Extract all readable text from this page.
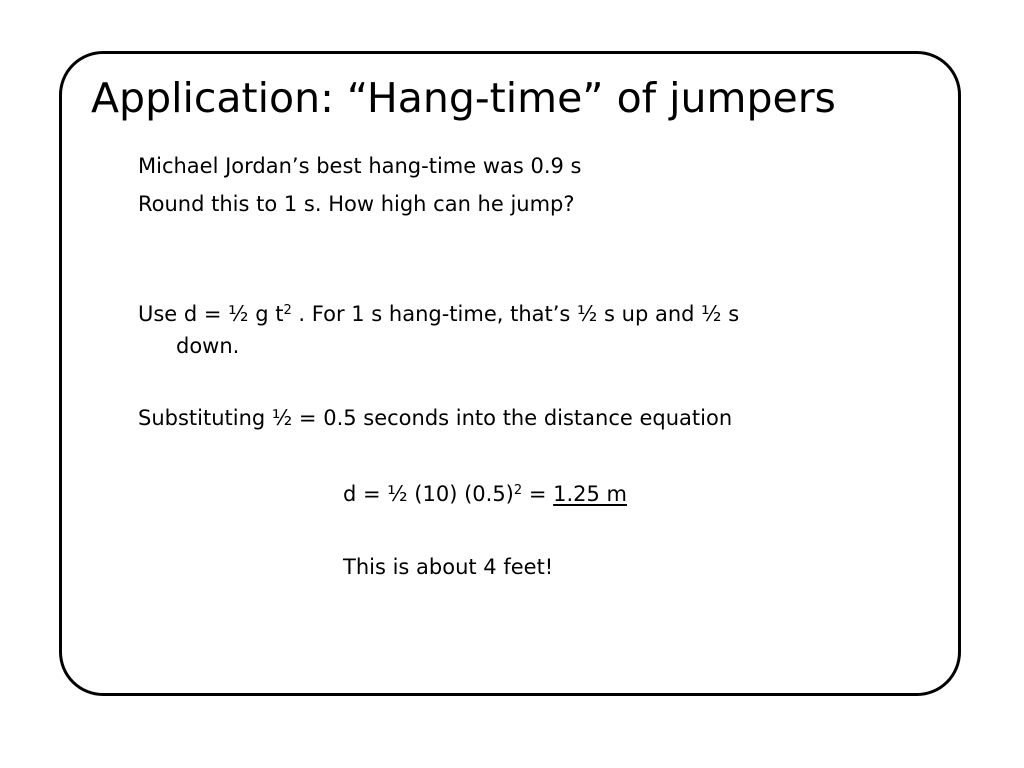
Application: “Hang-time” of jumpers

Michael Jordan’s best hang-time was 0.9 s

Round this to 1 s. How high can he jump?

Use d = ½ g $t^2$ . For 1 s hang-time, that’s ½ s up and ½ s

down.

Substituting ½ = 0.5 seconds into the distance equation

d = ½ (10) $(0.5)^2 = 1.25$ m

This is about 4 feet!
